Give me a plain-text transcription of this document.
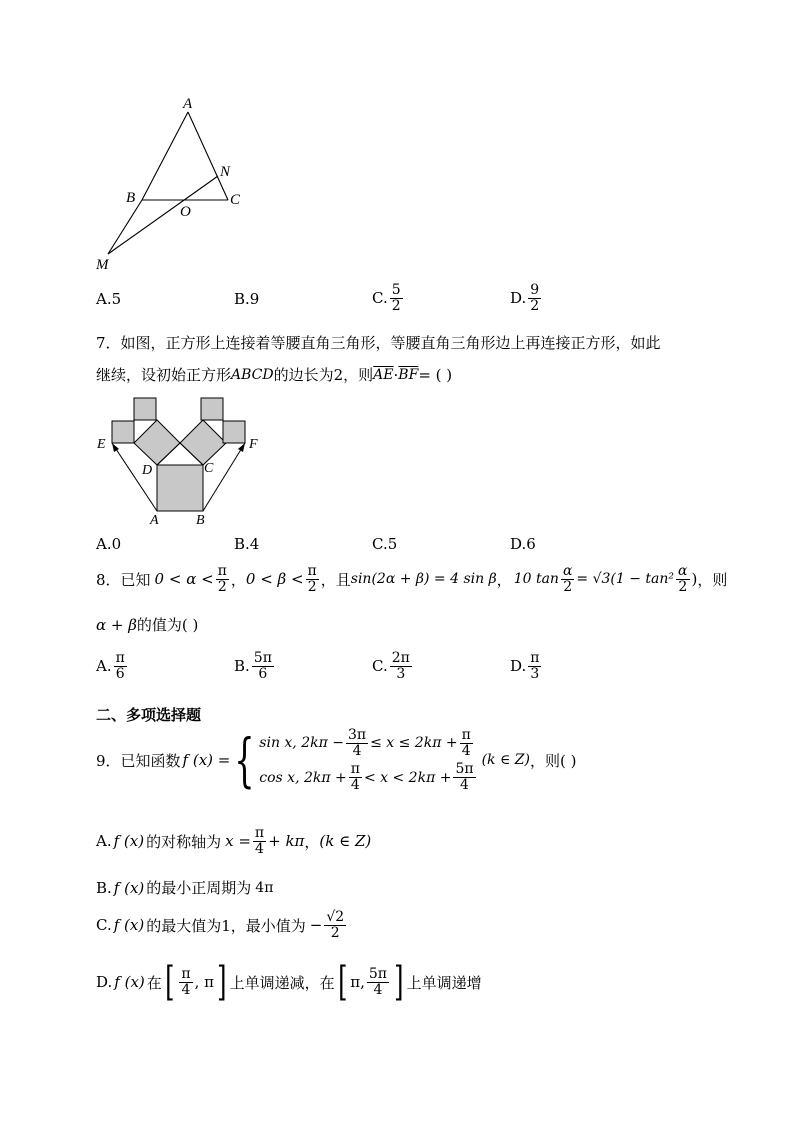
A
B	C
N
O
M
A.5	B.9	C. $\frac{5}{2}$	D. $\frac{9}{2}$
7．如图，正方形上连接着等腰直角三角形，等腰直角三角形边上再连接正方形，如此
继续，设初始正方形 ABCD 的边长为2，则 $\overline{AE} \cdot \overline{BF}$ = ( )
E	F
D	C
A	B
A.0	B.4	C.5	D.6
8．已知 $0 < \alpha < \frac{\pi}{2}$ ， $0 < \beta < \frac{\pi}{2}$ ，且 sin(2α + β) = 4 sin β ， 10 $\tan \frac{\alpha}{2} = √3(1 - \tan^2 \frac{\alpha}{2}$ ) ，则
α + β 的值为( )
A. $\frac{\pi}{6}$	B. $\frac{5\pi}{6}$	C. $\frac{2\pi}{3}$	D. $\frac{\pi}{3}$
二、多项选择题
9．已知函数 f (x) = { sin x, $2k\pi - \frac{3\pi}{4} \le x \le 2k\pi + \frac{\pi}{4}$
cos x, $2k\pi + \frac{\pi}{4} < x < 2k\pi + \frac{5\pi}{4}$
(k ∈ Z) ，则( )
A. f (x) 的对称轴为 $x = \frac{\pi}{4} + k\pi$ ， (k ∈ Z)
B. f (x) 的最小正周期为 4π
C. f (x) 的最大值为1，最小值为 − $\frac{√2}{2}$
D. f (x) 在 [ $\frac{\pi}{4}$ , π ] 上单调递减，在 [ π, $\frac{5\pi}{4}$ ] 上单调递增
